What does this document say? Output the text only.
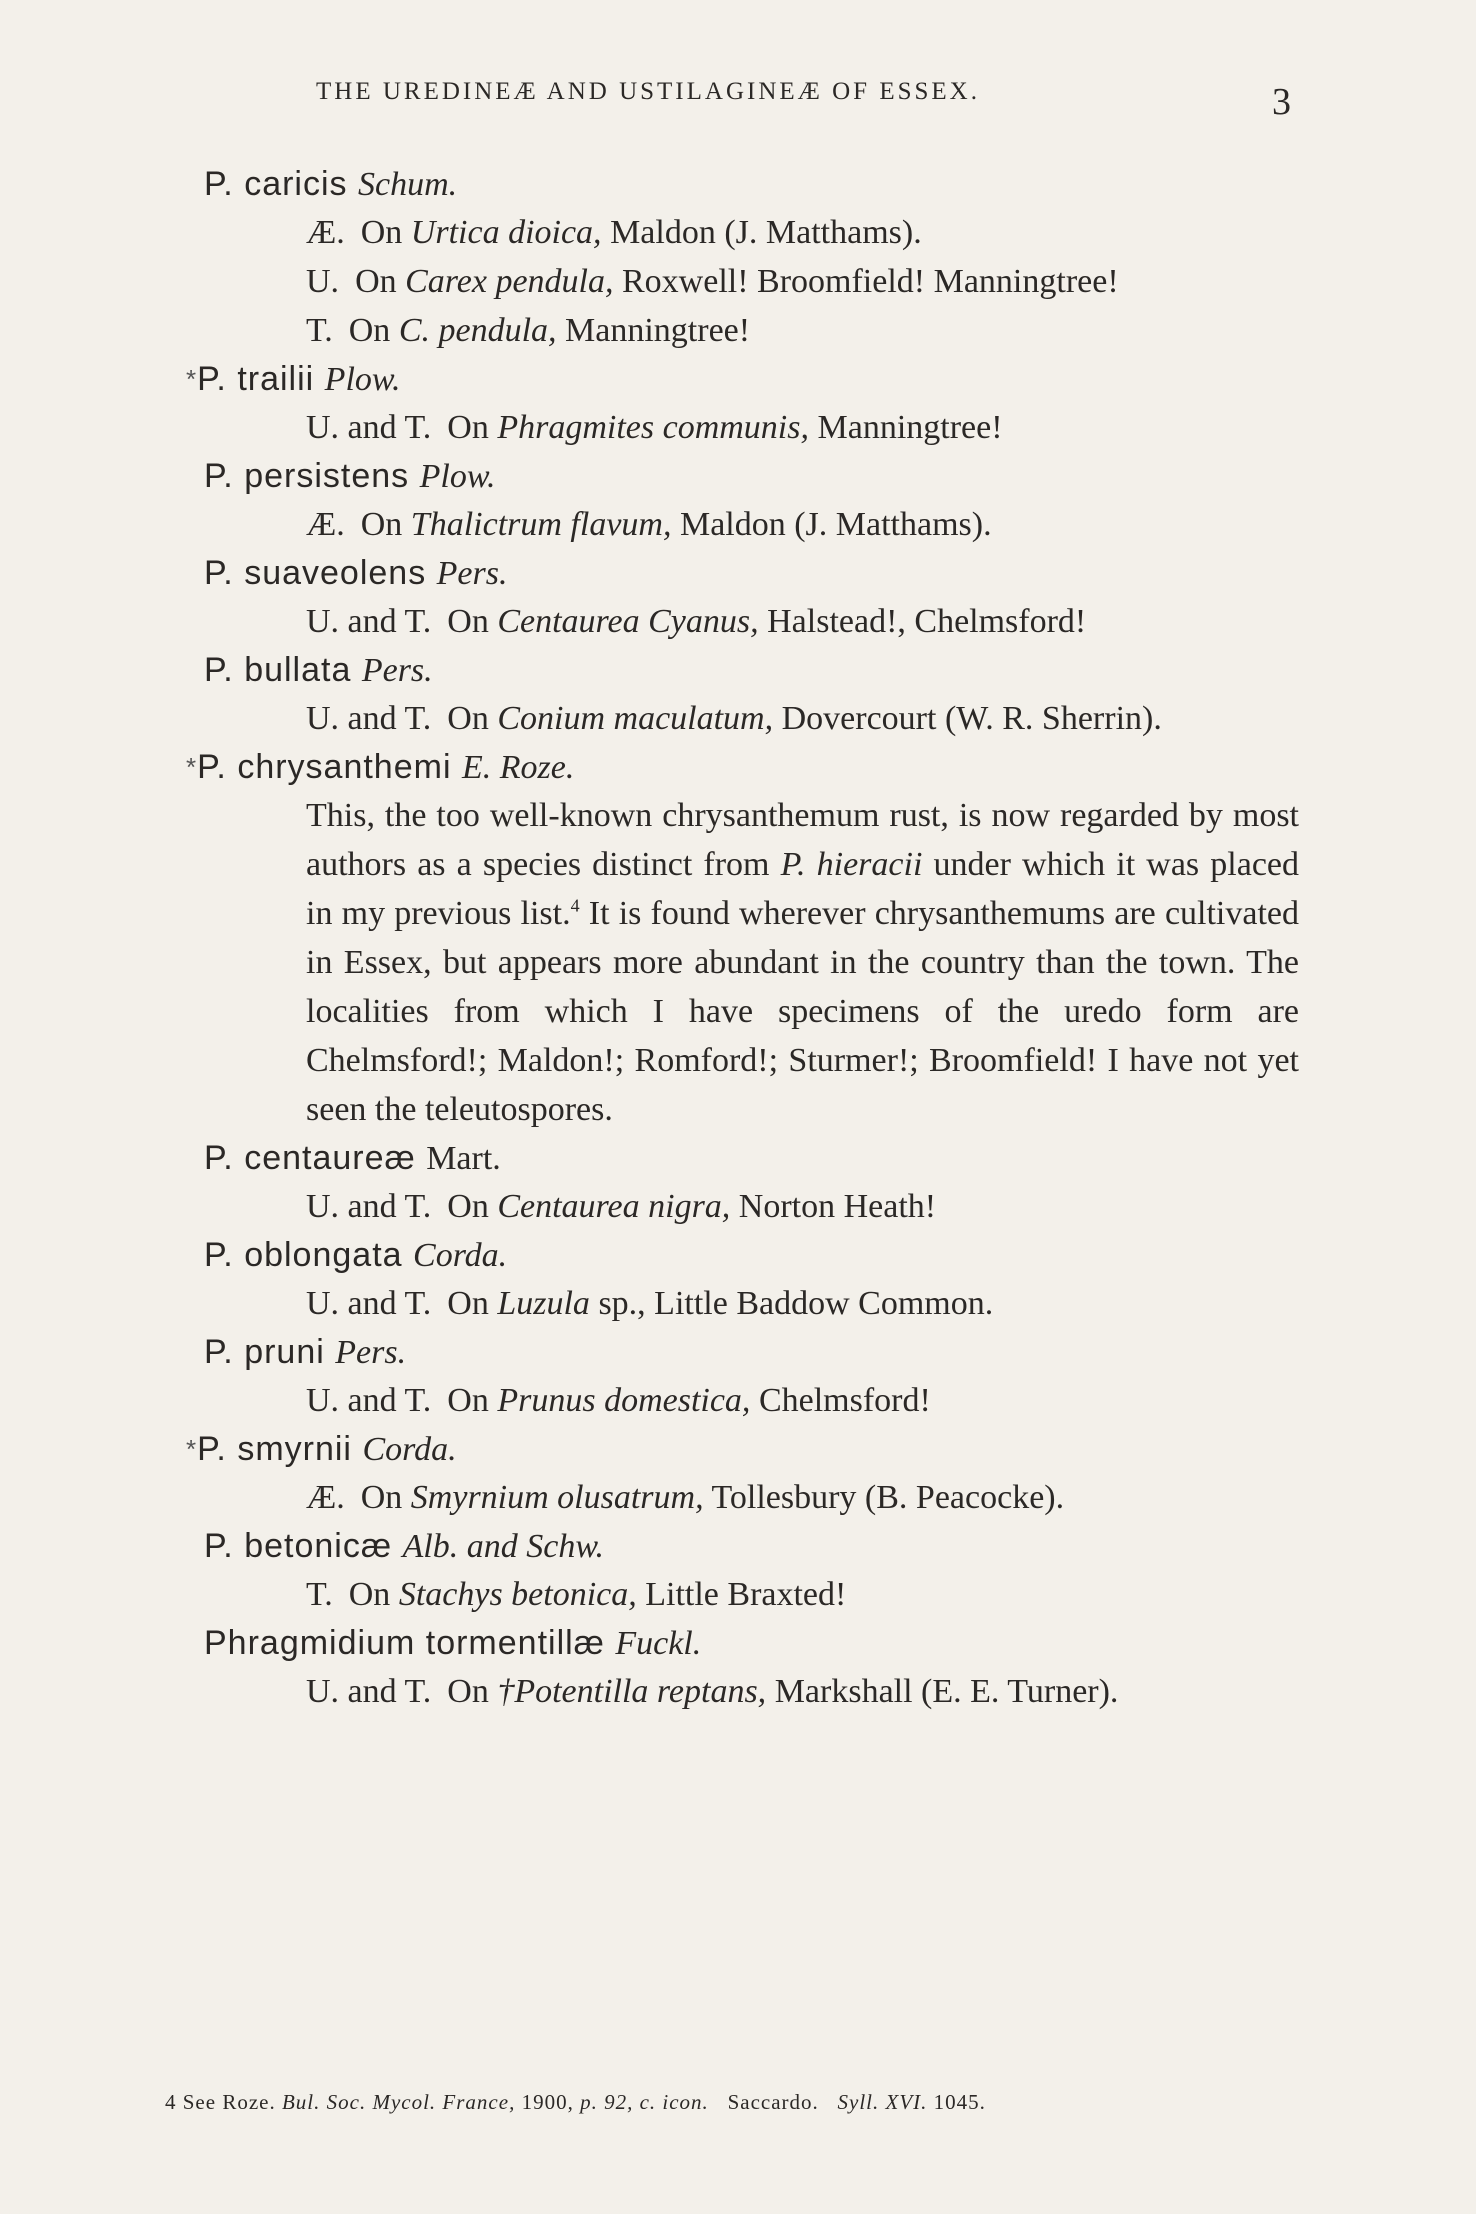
THE UREDINEÆ AND USTILAGINEÆ OF ESSEX.	3
P. caricis Schum.
Æ. On Urtica dioica, Maldon (J. Matthams).
U. On Carex pendula, Roxwell! Broomfield! Manningtree!
T. On C. pendula, Manningtree!
*P. trailii Plow.
U. and T. On Phragmites communis, Manningtree!
P. persistens Plow.
Æ. On Thalictrum flavum, Maldon (J. Matthams).
P. suaveolens Pers.
U. and T. On Centaurea Cyanus, Halstead!, Chelmsford!
P. bullata Pers.
U. and T. On Conium maculatum, Dovercourt (W. R. Sherrin).
*P. chrysanthemi E. Roze.
This, the too well-known chrysanthemum rust, is now regarded by most authors as a species distinct from P. hieracii under which it was placed in my previous list.$^4$ It is found wherever chrysanthemums are cultivated in Essex, but appears more abundant in the country than the town. The localities from which I have specimens of the uredo form are Chelmsford!; Maldon!; Romford!; Sturmer!; Broomfield! I have not yet seen the teleutospores.
P. centaureæ Mart.
U. and T. On Centaurea nigra, Norton Heath!
P. oblongata Corda.
U. and T. On Luzula sp., Little Baddow Common.
P. pruni Pers.
U. and T. On Prunus domestica, Chelmsford!
*P. smyrnii Corda.
Æ. On Smyrnium olusatrum, Tollesbury (B. Peacocke).
P. betonicæ Alb. and Schw.
T. On Stachys betonica, Little Braxted!
Phragmidium tormentillæ Fuckl.
U. and T. On †Potentilla reptans, Markshall (E. E. Turner).
4 See Roze. Bul. Soc. Mycol. France, 1900, p. 92, c. icon. Saccardo. Syll. XVI. 1045.
